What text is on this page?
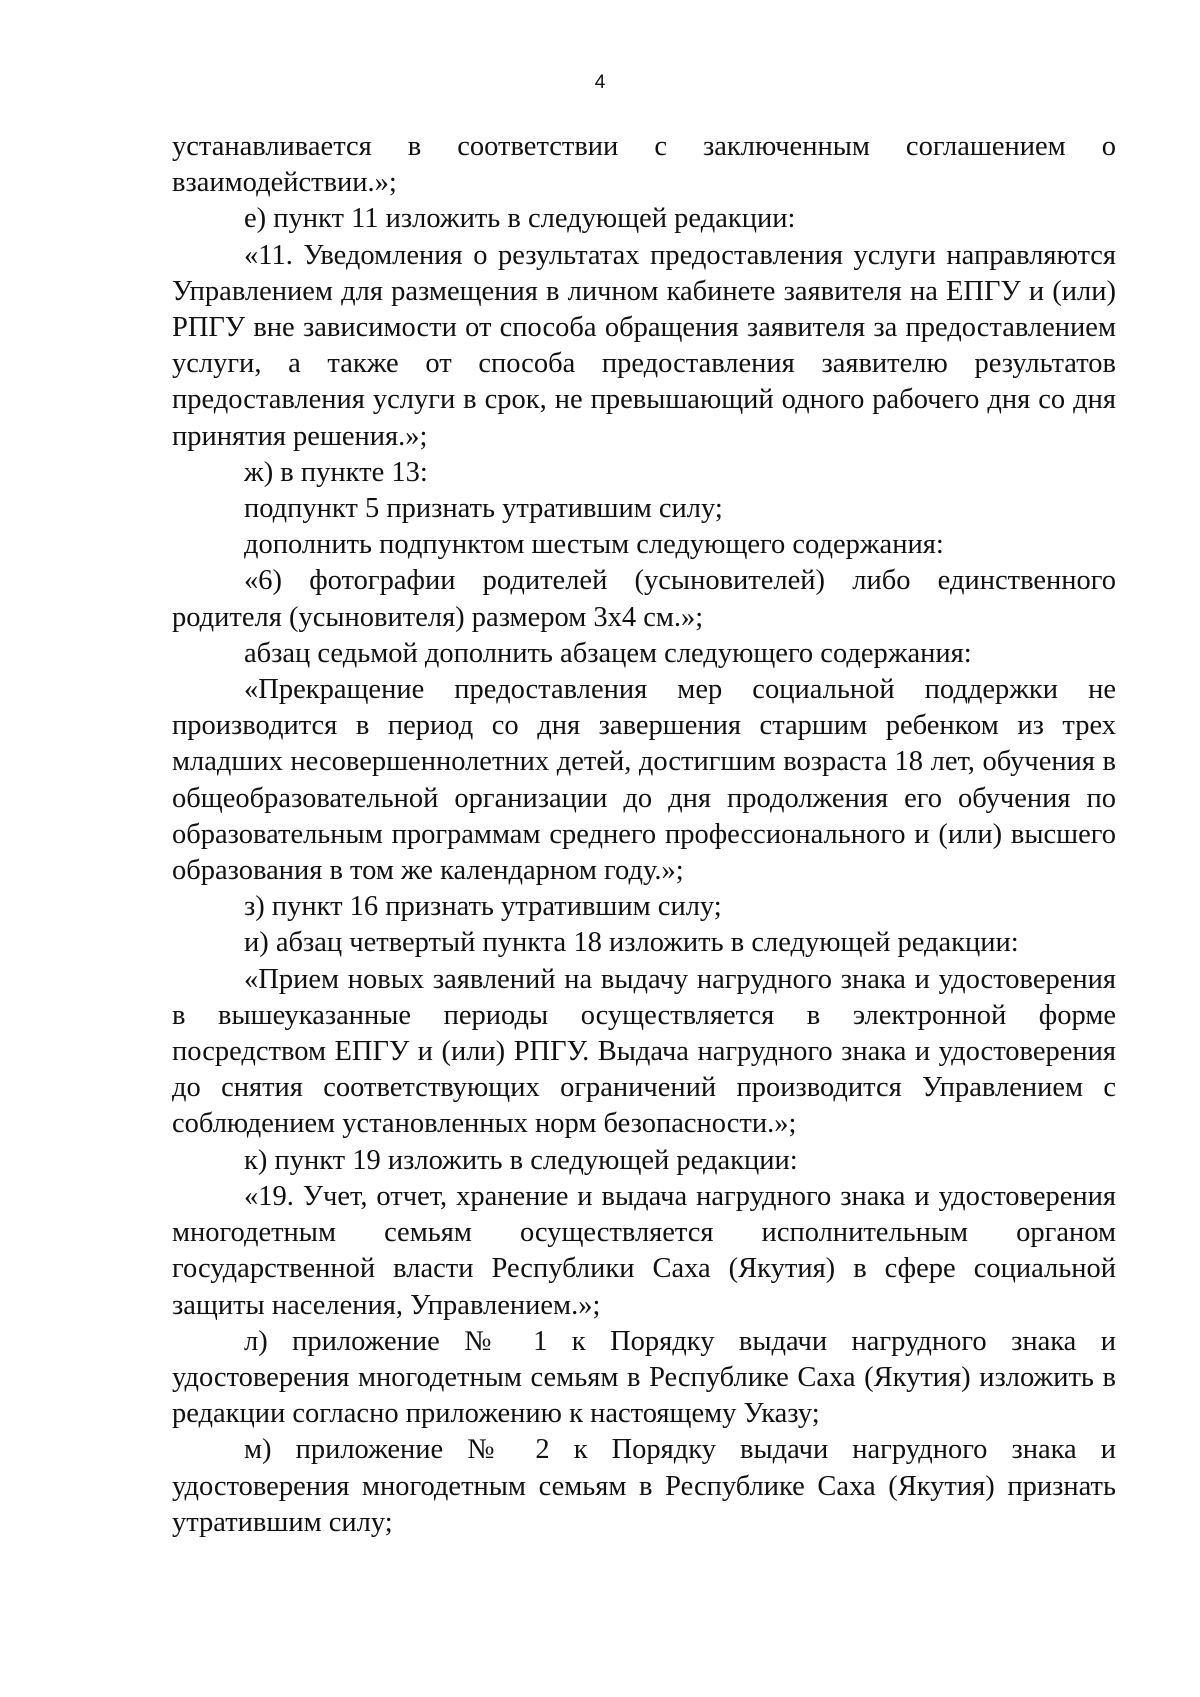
4

устанавливается в соответствии с заключенным соглашением о взаимодействии.»;

е) пункт 11 изложить в следующей редакции:

«11. Уведомления о результатах предоставления услуги направляются Управлением для размещения в личном кабинете заявителя на ЕПГУ и (или) РПГУ вне зависимости от способа обращения заявителя за предоставлением услуги, а также от способа предоставления заявителю результатов предоставления услуги в срок, не превышающий одного рабочего дня со дня принятия решения.»;

ж) в пункте 13:

подпункт 5 признать утратившим силу;

дополнить подпунктом шестым следующего содержания:

«6) фотографии родителей (усыновителей) либо единственного родителя (усыновителя) размером 3х4 см.»;

абзац седьмой дополнить абзацем следующего содержания:

«Прекращение предоставления мер социальной поддержки не производится в период со дня завершения старшим ребенком из трех младших несовершеннолетних детей, достигшим возраста 18 лет, обучения в общеобразовательной организации до дня продолжения его обучения по образовательным программам среднего профессионального и (или) высшего образования в том же календарном году.»;

з) пункт 16 признать утратившим силу;

и) абзац четвертый пункта 18 изложить в следующей редакции:

«Прием новых заявлений на выдачу нагрудного знака и удостоверения в вышеуказанные периоды осуществляется в электронной форме посредством ЕПГУ и (или) РПГУ. Выдача нагрудного знака и удостоверения до снятия соответствующих ограничений производится Управлением с соблюдением установленных норм безопасности.»;

к) пункт 19 изложить в следующей редакции:

«19. Учет, отчет, хранение и выдача нагрудного знака и удостоверения многодетным семьям осуществляется исполнительным органом государственной власти Республики Саха (Якутия) в сфере социальной защиты населения, Управлением.»;

л) приложение № 1 к Порядку выдачи нагрудного знака и удостоверения многодетным семьям в Республике Саха (Якутия) изложить в редакции согласно приложению к настоящему Указу;

м) приложение № 2 к Порядку выдачи нагрудного знака и удостоверения многодетным семьям в Республике Саха (Якутия) признать утратившим силу;
